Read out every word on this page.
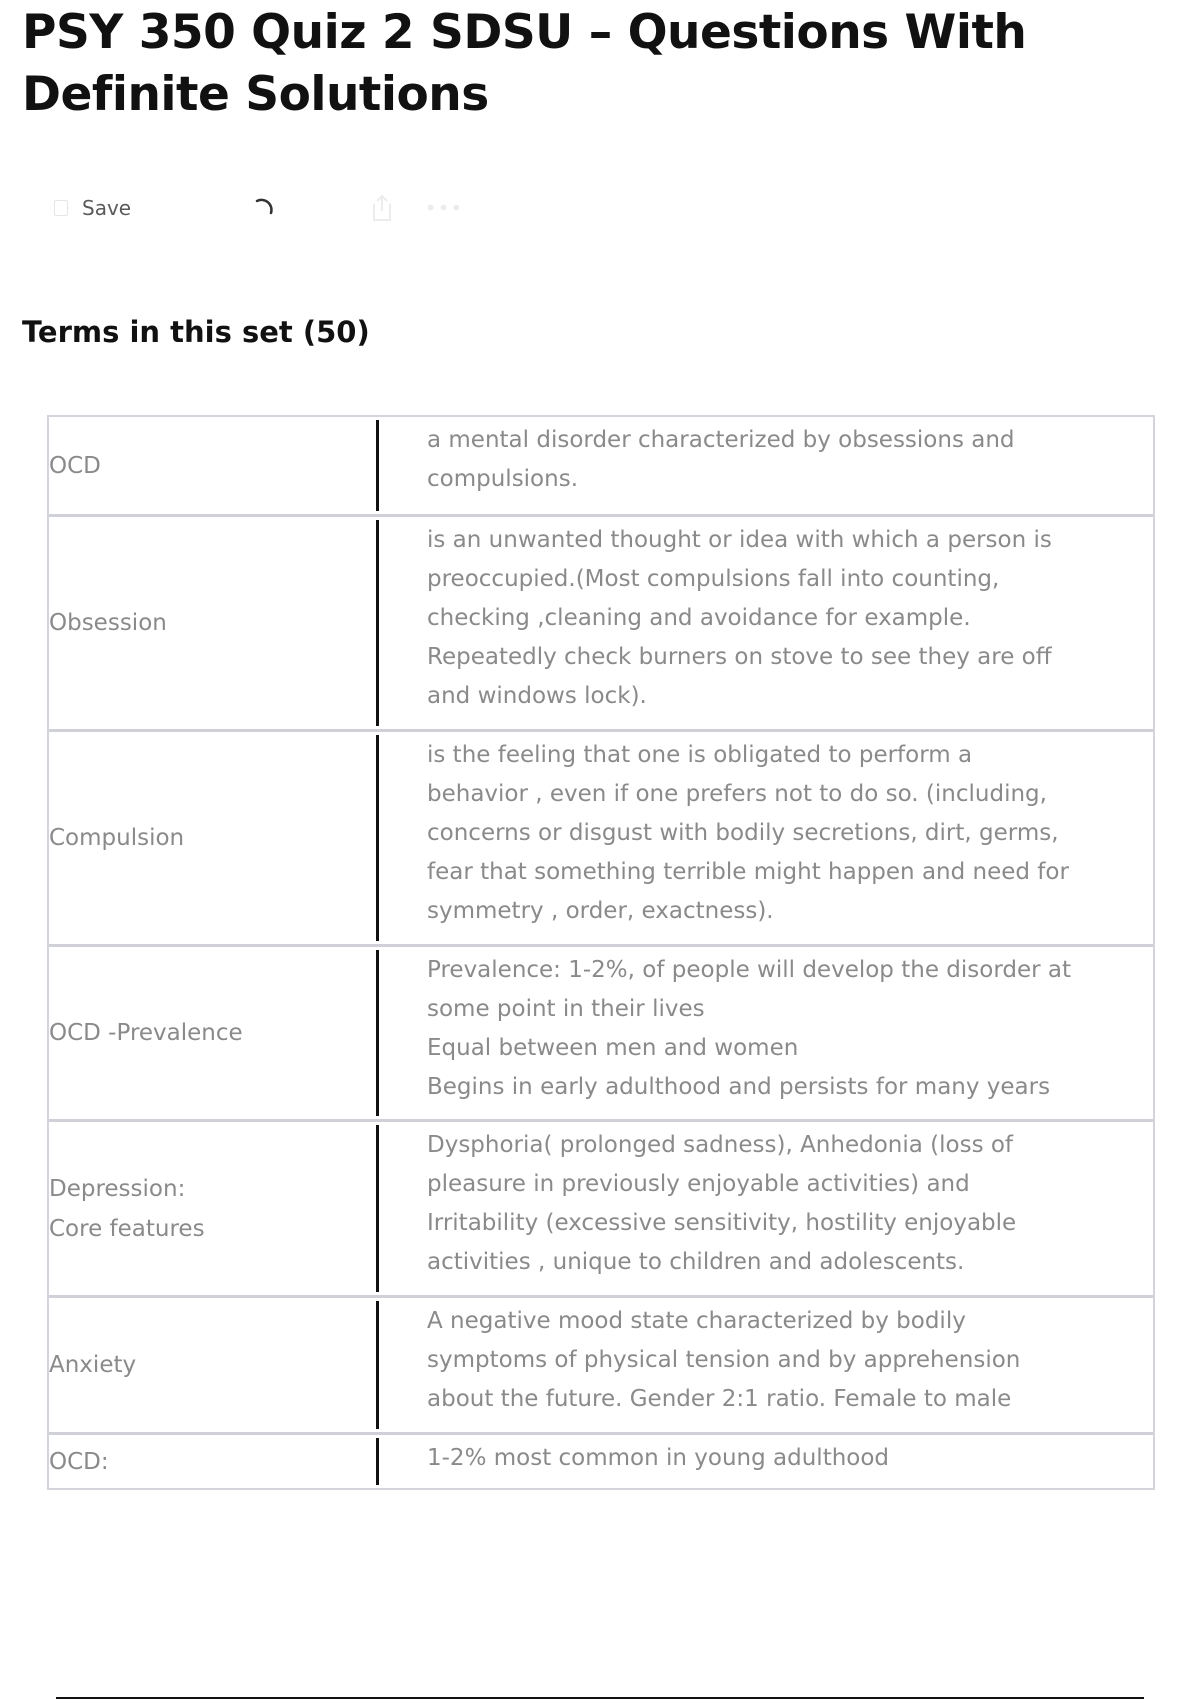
PSY 350 Quiz 2 SDSU – Questions With Definite Solutions
Save	•••
Terms in this set (50)
OCD
a mental disorder characterized by obsessions and
compulsions.
Obsession
is an unwanted thought or idea with which a person is
preoccupied.(Most compulsions fall into counting,
checking ,cleaning and avoidance for example.
Repeatedly check burners on stove to see they are off
and windows lock).
Compulsion
is the feeling that one is obligated to perform a
behavior , even if one prefers not to do so. (including,
concerns or disgust with bodily secretions, dirt, germs,
fear that something terrible might happen and need for
symmetry , order, exactness).
OCD -Prevalence
Prevalence: 1-2%, of people will develop the disorder at
some point in their lives
Equal between men and women
Begins in early adulthood and persists for many years
Depression:
Core features
Dysphoria( prolonged sadness), Anhedonia (loss of
pleasure in previously enjoyable activities) and
Irritability (excessive sensitivity, hostility enjoyable
activities , unique to children and adolescents.
Anxiety
A negative mood state characterized by bodily
symptoms of physical tension and by apprehension
about the future. Gender 2:1 ratio. Female to male
OCD:	1-2% most common in young adulthood
